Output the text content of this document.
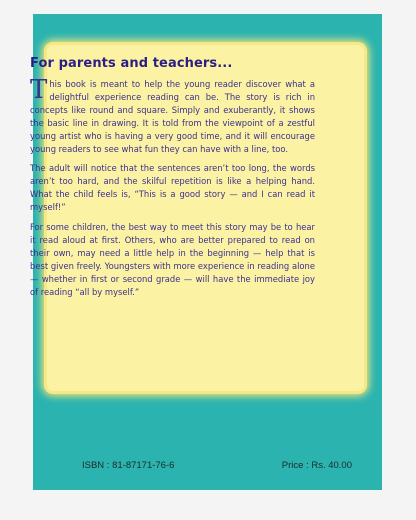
For parents and teachers...

This book is meant to help the young reader discover what a delightful experience reading can be. The story is rich in concepts like round and square. Simply and exuberantly, it shows the basic line in drawing. It is told from the viewpoint of a zestful young artist who is having a very good time, and it will encourage young readers to see what fun they can have with a line, too.

The adult will notice that the sentences aren’t too long, the words aren’t too hard, and the skilful repetition is like a helping hand. What the child feels is, “This is a good story — and I can read it myself!”

For some children, the best way to meet this story may be to hear it read aloud at first. Others, who are better prepared to read on their own, may need a little help in the beginning — help that is best given freely. Youngsters with more experience in reading alone — whether in first or second grade — will have the immediate joy of reading “all by myself.”

ISBN : 81-87171-76-6	Price : Rs. 40.00
